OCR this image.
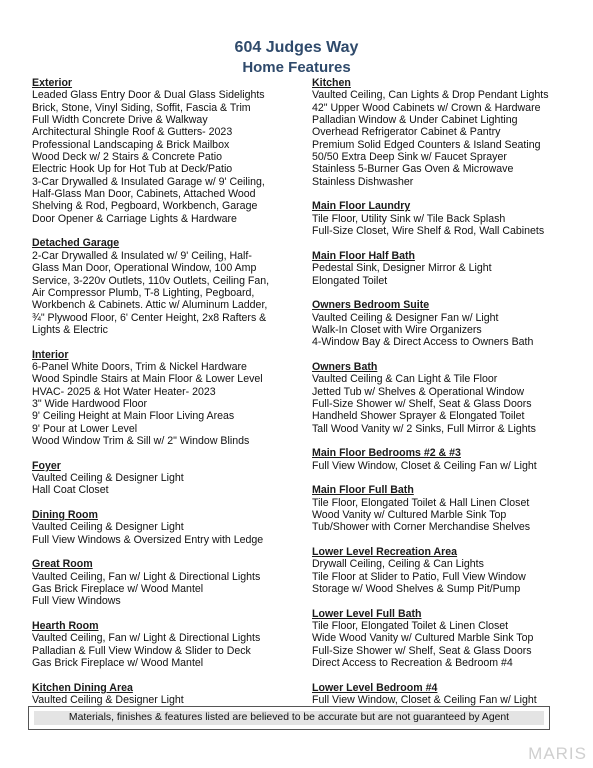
604 Judges Way
Home Features
Exterior
Leaded Glass Entry Door & Dual Glass Sidelights
Brick, Stone, Vinyl Siding, Soffit, Fascia & Trim
Full Width Concrete Drive & Walkway
Architectural Shingle Roof & Gutters- 2023
Professional Landscaping & Brick Mailbox
Wood Deck w/ 2 Stairs & Concrete Patio
Electric Hook Up for Hot Tub at Deck/Patio
3-Car Drywalled & Insulated Garage w/ 9' Ceiling,
Half-Glass Man Door, Cabinets, Attached Wood
Shelving & Rod, Pegboard, Workbench, Garage
Door Opener & Carriage Lights & Hardware
Detached Garage
2-Car Drywalled & Insulated w/ 9' Ceiling, Half-
Glass Man Door, Operational Window, 100 Amp
Service, 3-220v Outlets, 110v Outlets, Ceiling Fan,
Air Compressor Plumb, T-8 Lighting, Pegboard,
Workbench & Cabinets. Attic w/ Aluminum Ladder,
¾" Plywood Floor, 6' Center Height, 2x8 Rafters &
Lights & Electric
Interior
6-Panel White Doors, Trim & Nickel Hardware
Wood Spindle Stairs at Main Floor & Lower Level
HVAC- 2025 & Hot Water Heater- 2023
3" Wide Hardwood Floor
9' Ceiling Height at Main Floor Living Areas
9' Pour at Lower Level
Wood Window Trim & Sill w/ 2" Window Blinds
Foyer
Vaulted Ceiling & Designer Light
Hall Coat Closet
Dining Room
Vaulted Ceiling & Designer Light
Full View Windows & Oversized Entry with Ledge
Great Room
Vaulted Ceiling, Fan w/ Light & Directional Lights
Gas Brick Fireplace w/ Wood Mantel
Full View Windows
Hearth Room
Vaulted Ceiling, Fan w/ Light & Directional Lights
Palladian & Full View Window & Slider to Deck
Gas Brick Fireplace w/ Wood Mantel
Kitchen Dining Area
Vaulted Ceiling & Designer Light
Kitchen
Vaulted Ceiling, Can Lights & Drop Pendant Lights
42" Upper Wood Cabinets w/ Crown & Hardware
Palladian Window & Under Cabinet Lighting
Overhead Refrigerator Cabinet & Pantry
Premium Solid Edged Counters & Island Seating
50/50 Extra Deep Sink w/ Faucet Sprayer
Stainless 5-Burner Gas Oven & Microwave
Stainless Dishwasher
Main Floor Laundry
Tile Floor, Utility Sink w/ Tile Back Splash
Full-Size Closet, Wire Shelf & Rod, Wall Cabinets
Main Floor Half Bath
Pedestal Sink, Designer Mirror & Light
Elongated Toilet
Owners Bedroom Suite
Vaulted Ceiling & Designer Fan w/ Light
Walk-In Closet with Wire Organizers
4-Window Bay & Direct Access to Owners Bath
Owners Bath
Vaulted Ceiling & Can Light & Tile Floor
Jetted Tub w/ Shelves & Operational Window
Full-Size Shower w/ Shelf, Seat & Glass Doors
Handheld Shower Sprayer & Elongated Toilet
Tall Wood Vanity w/ 2 Sinks, Full Mirror & Lights
Main Floor Bedrooms #2 & #3
Full View Window, Closet & Ceiling Fan w/ Light
Main Floor Full Bath
Tile Floor, Elongated Toilet & Hall Linen Closet
Wood Vanity w/ Cultured Marble Sink Top
Tub/Shower with Corner Merchandise Shelves
Lower Level Recreation Area
Drywall Ceiling, Ceiling & Can Lights
Tile Floor at Slider to Patio, Full View Window
Storage w/ Wood Shelves & Sump Pit/Pump
Lower Level Full Bath
Tile Floor, Elongated Toilet & Linen Closet
Wide Wood Vanity w/ Cultured Marble Sink Top
Full-Size Shower w/ Shelf, Seat & Glass Doors
Direct Access to Recreation & Bedroom #4
Lower Level Bedroom #4
Full View Window, Closet & Ceiling Fan w/ Light
Materials, finishes & features listed are believed to be accurate but are not guaranteed by Agent
MARIS
